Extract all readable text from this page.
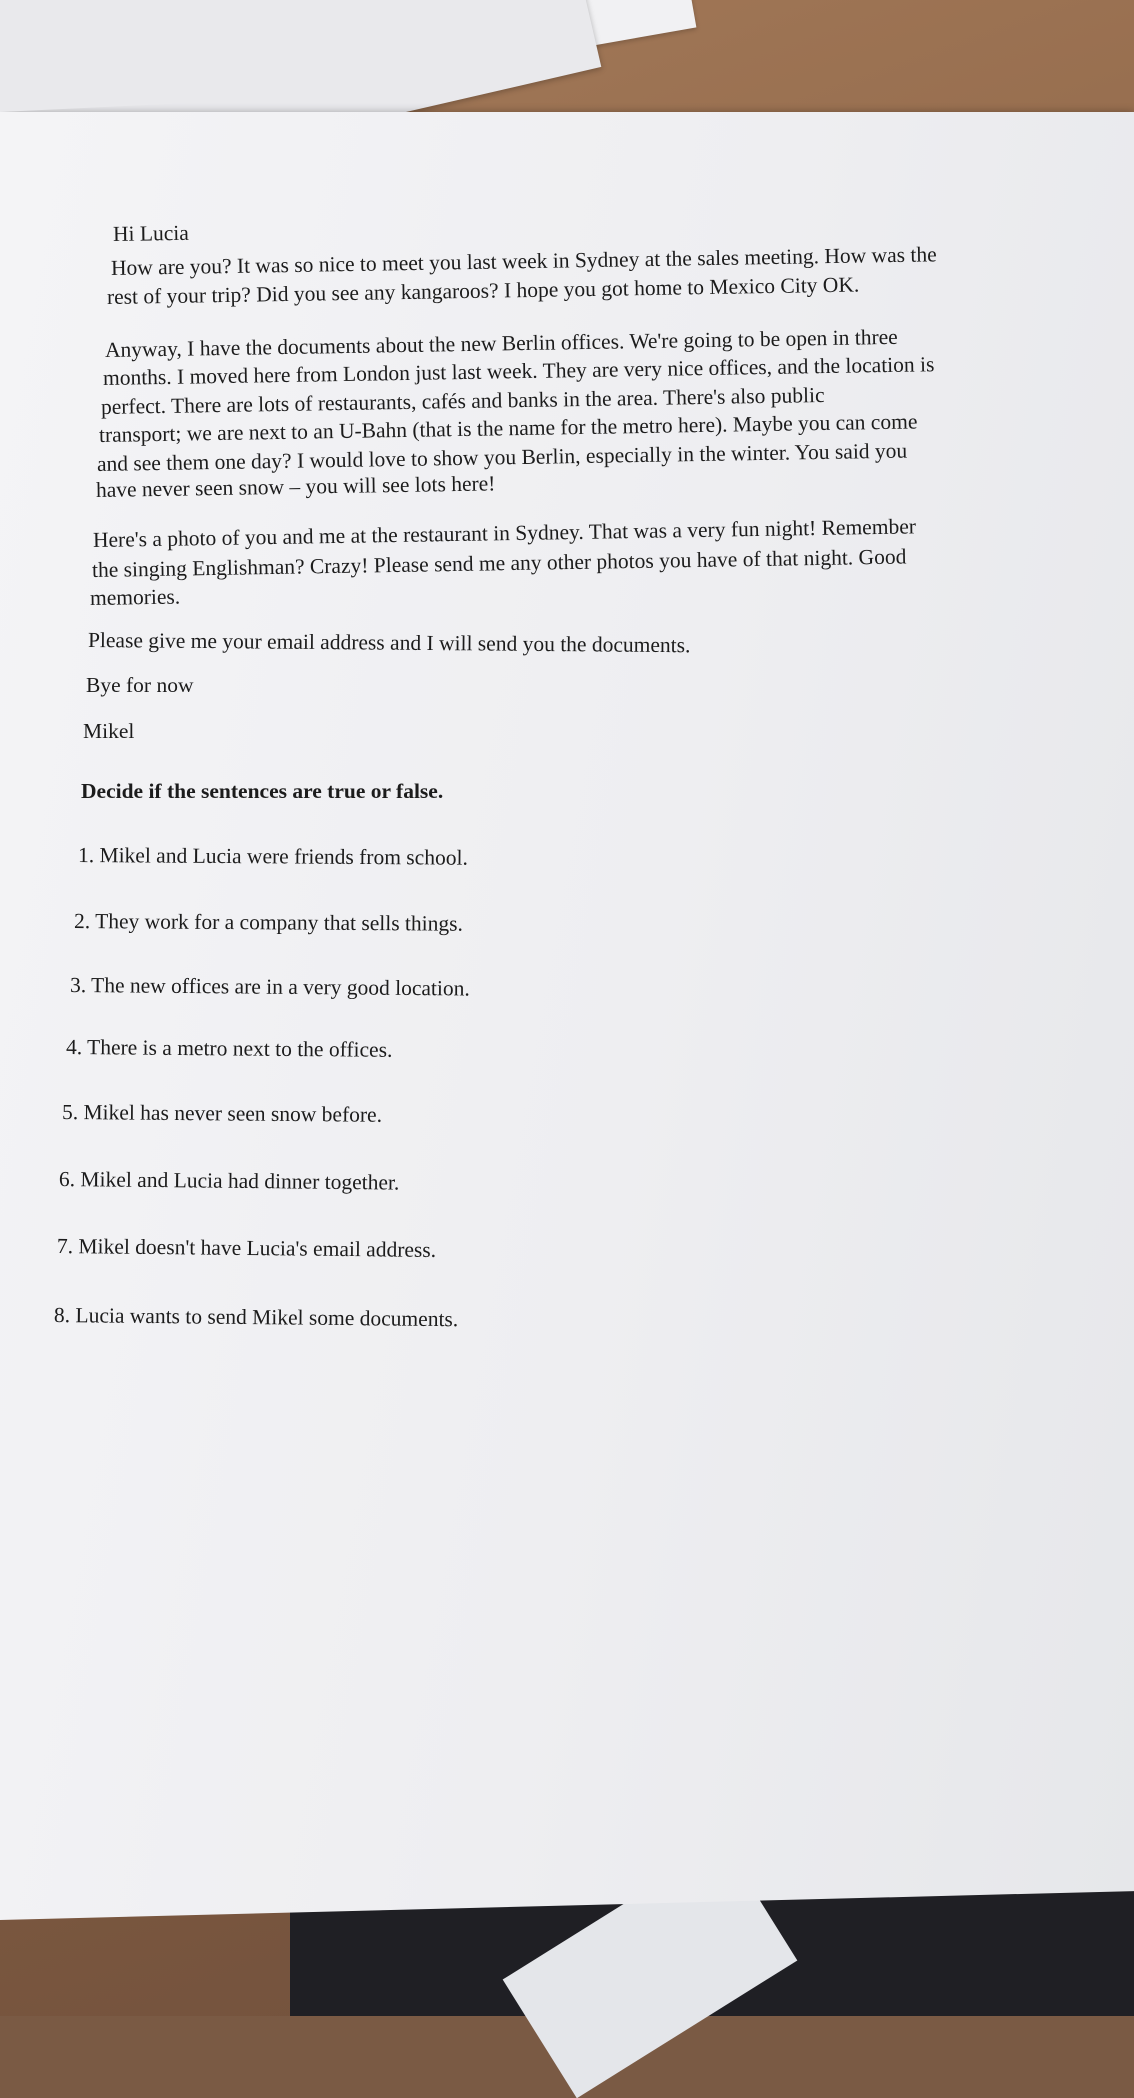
Hi Lucia
How are you? It was so nice to meet you last week in Sydney at the sales meeting. How was the
rest of your trip? Did you see any kangaroos? I hope you got home to Mexico City OK.
Anyway, I have the documents about the new Berlin offices. We're going to be open in three
months. I moved here from London just last week. They are very nice offices, and the location is
perfect. There are lots of restaurants, cafés and banks in the area. There's also public
transport; we are next to an U-Bahn (that is the name for the metro here). Maybe you can come
and see them one day? I would love to show you Berlin, especially in the winter. You said you
have never seen snow – you will see lots here!
Here's a photo of you and me at the restaurant in Sydney. That was a very fun night! Remember
the singing Englishman? Crazy! Please send me any other photos you have of that night. Good
memories.
Please give me your email address and I will send you the documents.
Bye for now
Mikel
Decide if the sentences are true or false.
1. Mikel and Lucia were friends from school.
2. They work for a company that sells things.
3. The new offices are in a very good location.
4. There is a metro next to the offices.
5. Mikel has never seen snow before.
6. Mikel and Lucia had dinner together.
7. Mikel doesn't have Lucia's email address.
8. Lucia wants to send Mikel some documents.
